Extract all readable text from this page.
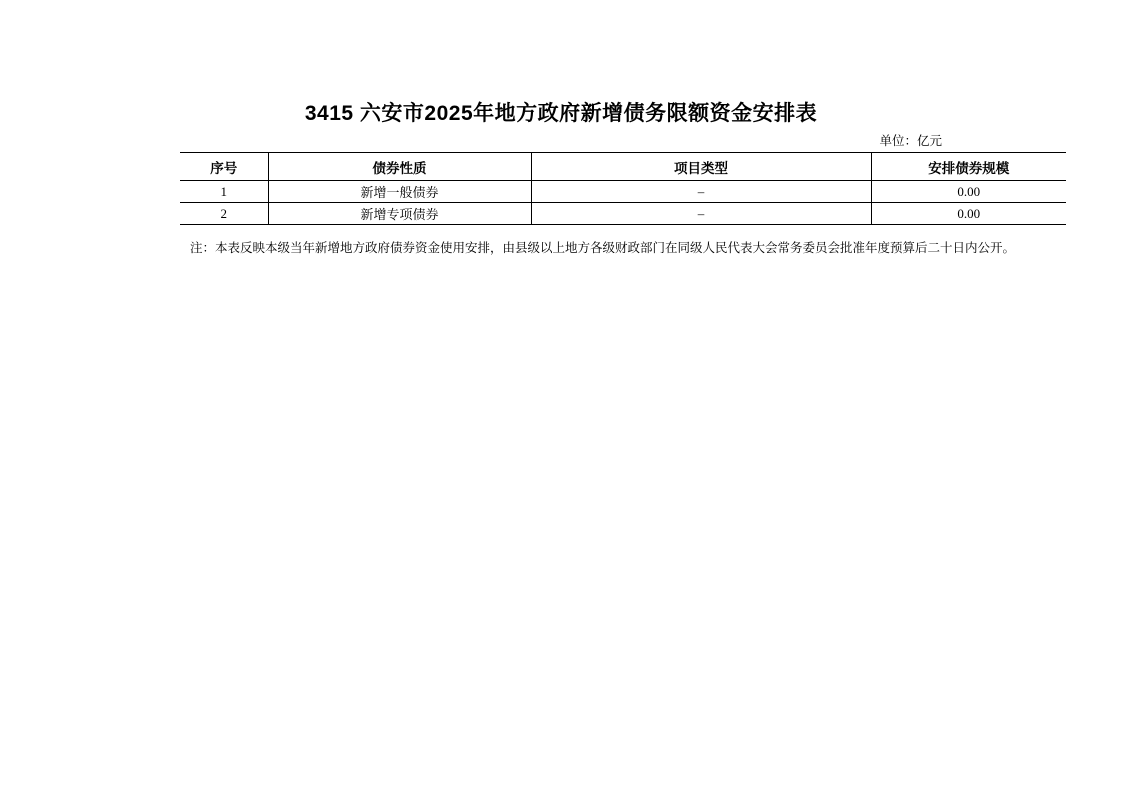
3415 六安市2025年地方政府新增债务限额资金安排表
单位：亿元
序号	债券性质	项目类型	安排债券规模
1	新增一般债券	–	0.00
2	新增专项债券	–	0.00
注：本表反映本级当年新增地方政府债券资金使用安排，由县级以上地方各级财政部门在同级人民代表大会常务委员会批准年度预算后二十日内公开。
